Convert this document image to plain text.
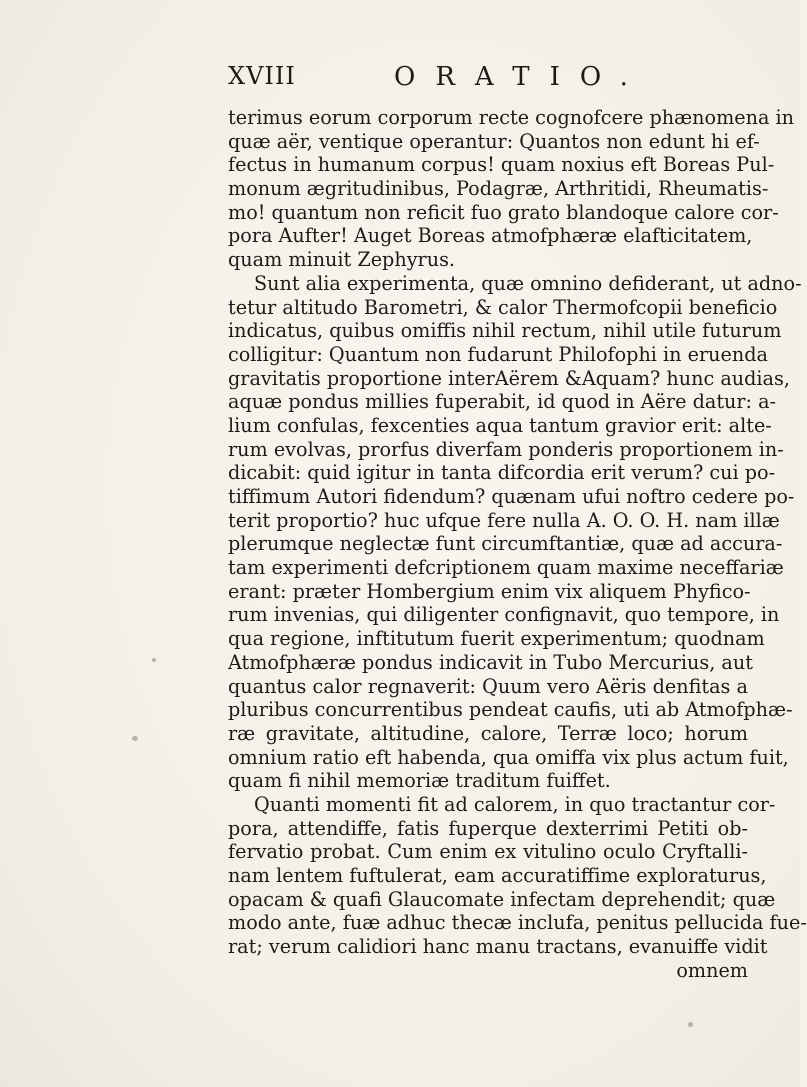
XVIII	ORATIO.
terimus eorum corporum recte cognofcere phænomena in
quæ aër, ventique operantur: Quantos non edunt hi ef-
fectus in humanum corpus! quam noxius eft Boreas Pul-
monum ægritudinibus, Podagræ, Arthritidi, Rheumatis-
mo! quantum non reficit fuo grato blandoque calore cor-
pora Aufter! Auget Boreas atmofphæræ elafticitatem,
quam minuit Zephyrus.
Sunt alia experimenta, quæ omnino defiderant, ut adno-
tetur altitudo Barometri, & calor Thermofcopii beneficio
indicatus, quibus omiffis nihil rectum, nihil utile futurum
colligitur: Quantum non fudarunt Philofophi in eruenda
gravitatis proportione interAërem &Aquam? hunc audias,
aquæ pondus millies fuperabit, id quod in Aëre datur: a-
lium confulas, fexcenties aqua tantum gravior erit: alte-
rum evolvas, prorfus diverfam ponderis proportionem in-
dicabit: quid igitur in tanta difcordia erit verum? cui po-
tiffimum Autori fidendum? quænam ufui noftro cedere po-
terit proportio? huc ufque fere nulla A. O. O. H. nam illæ
plerumque neglectæ funt circumftantiæ, quæ ad accura-
tam experimenti defcriptionem quam maxime neceffariæ
erant: præter Hombergium enim vix aliquem Phyfico-
rum invenias, qui diligenter confignavit, quo tempore, in
qua regione, inftitutum fuerit experimentum; quodnam
Atmofphæræ pondus indicavit in Tubo Mercurius, aut
quantus calor regnaverit: Quum vero Aëris denfitas a
pluribus concurrentibus pendeat caufis, uti ab Atmofphæ-
ræ gravitate, altitudine, calore, Terræ loco; horum
omnium ratio eft habenda, qua omiffa vix plus actum fuit,
quam fi nihil memoriæ traditum fuiffet.
Quanti momenti fit ad calorem, in quo tractantur cor-
pora, attendiffe, fatis fuperque dexterrimi Petiti ob-
fervatio probat. Cum enim ex vitulino oculo Cryftalli-
nam lentem fuftulerat, eam accuratiffime exploraturus,
opacam & quafi Glaucomate infectam deprehendit; quæ
modo ante, fuæ adhuc thecæ inclufa, penitus pellucida fue-
rat; verum calidiori hanc manu tractans, evanuiffe vidit
omnem
